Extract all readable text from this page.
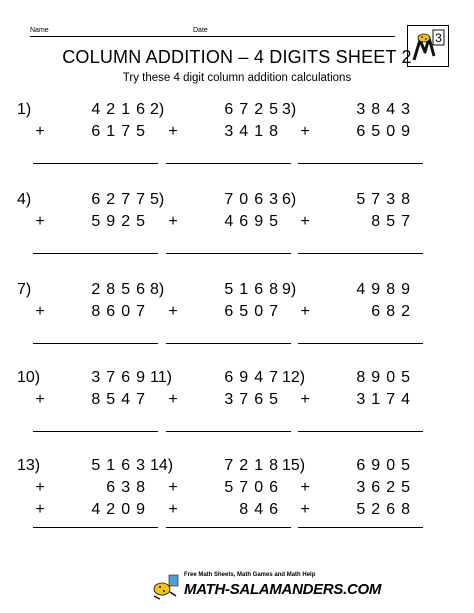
Name	Date
3
COLUMN ADDITION – 4 DIGITS SHEET 2
Try these 4 digit column addition calculations
1)	4216
+	6175
2)	6725
+	3418
3)	3843
+	6509
4)	6277
+	5925
5)	7063
+	4695
6)	5738
+	857
7)	2856
+	8607
8)	5168
+	6507
9)	4989
+	682
10)	3769
+	8547
11)	6947
+	3765
12)	8905
+	3174
13)	5163
+	638
+	4209
14)	7218
+	5706
+	846
15)	6905
+	3625
+	5268
Free Math Sheets, Math Games and Math Help
MATH-SALAMANDERS.COM
